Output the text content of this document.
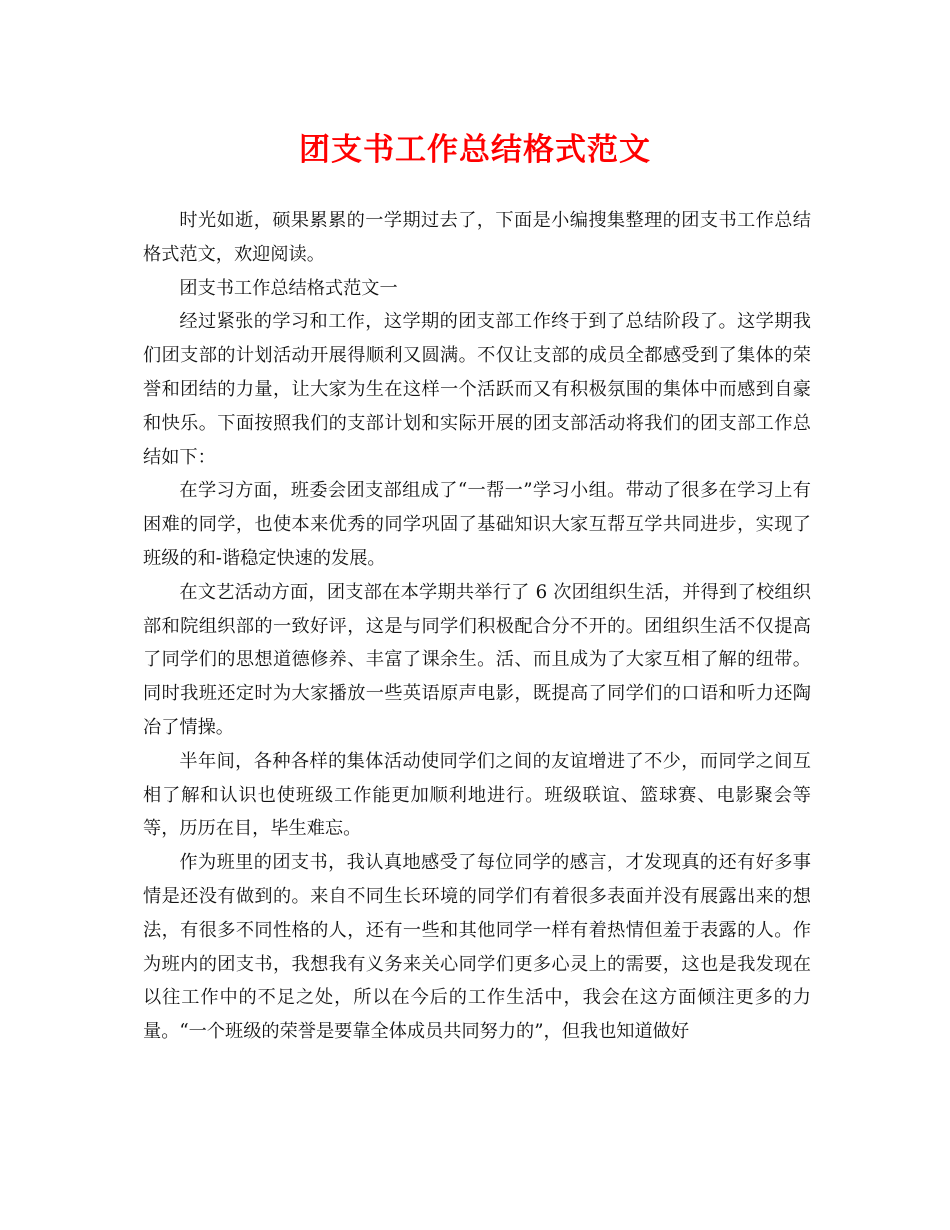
团支书工作总结格式范文

时光如逝，硕果累累的一学期过去了，下面是小编搜集整理的团支书工作总结格式范文，欢迎阅读。

团支书工作总结格式范文一

经过紧张的学习和工作，这学期的团支部工作终于到了总结阶段了。这学期我们团支部的计划活动开展得顺利又圆满。不仅让支部的成员全都感受到了集体的荣誉和团结的力量，让大家为生在这样一个活跃而又有积极氛围的集体中而感到自豪和快乐。下面按照我们的支部计划和实际开展的团支部活动将我们的团支部工作总结如下：

在学习方面，班委会团支部组成了“一帮一”学习小组。带动了很多在学习上有困难的同学，也使本来优秀的同学巩固了基础知识大家互帮互学共同进步，实现了班级的和-谐稳定快速的发展。

在文艺活动方面，团支部在本学期共举行了 6 次团组织生活，并得到了校组织部和院组织部的一致好评，这是与同学们积极配合分不开的。团组织生活不仅提高了同学们的思想道德修养、丰富了课余生。活、而且成为了大家互相了解的纽带。同时我班还定时为大家播放一些英语原声电影，既提高了同学们的口语和听力还陶冶了情操。

半年间，各种各样的集体活动使同学们之间的友谊增进了不少，而同学之间互相了解和认识也使班级工作能更加顺利地进行。班级联谊、篮球赛、电影聚会等等，历历在目，毕生难忘。

作为班里的团支书，我认真地感受了每位同学的感言，才发现真的还有好多事情是还没有做到的。来自不同生长环境的同学们有着很多表面并没有展露出来的想法，有很多不同性格的人，还有一些和其他同学一样有着热情但羞于表露的人。作为班内的团支书，我想我有义务来关心同学们更多心灵上的需要，这也是我发现在以往工作中的不足之处，所以在今后的工作生活中，我会在这方面倾注更多的力量。“一个班级的荣誉是要靠全体成员共同努力的”，但我也知道做好
